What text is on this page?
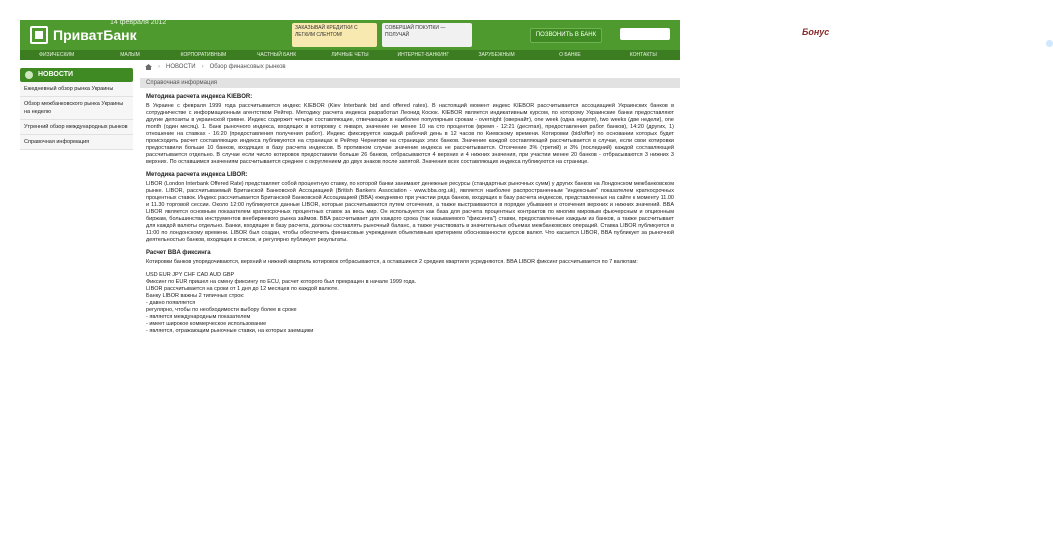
14 февраля 2012
ПриватБанк	ЗАКАЗЫВАЙ КРЕДИТКИ С ЛЕГКИМ СЛЕНТОМ!
СОВЕРШАЙ ПОКУПКИ — ПОЛУЧАЙ	Бонус
ПОЗВОНИТЬ В БАНК
ФИЗИЧЕСКИМ	МАЛЫМ	КОРПОРАТИВНЫМ	ЧАСТНЫЙ БАНК	ЛИЧНЫЕ ЧЕТЫ	ИНТЕРНЕТ-БАНКИНГ	ЗАРУБЕЖНЫМ	О БАНКЕ	КОНТАКТЫ
НОВОСТИ
Ежедневный обзор рынка Украины
Обзор межбанковского рынка Украины на неделю
Утренний обзор международных рынков
Справочная информация
› НОВОСТИ › Обзор финансовых рынков
Справочная информация
Методика расчета индекса KIEBOR:

В Украине с февраля 1999 года рассчитывается индекс KIEBOR (Kiev Interbank bid and offered rates). В настоящий момент индекс KIEBOR рассчитывается ассоциацией Украинских банков в сотрудничестве с информационным агентством Рейтер. Методику расчета индекса разработал Леонид Косюк. KIEBOR является индикативным курсом, по которому Украинские банки предоставляют другие депозиты в украинской гривне. Индекс содержит четыре составляющие, отвечающих в наиболее популярным срокам - overnight (овернайт), one week (одна неделя), two weeks (две недели), one month (один месяц). 1. Банк рыночного индекса, входящих в котировку с января, значение не менее 10 на сто процентов (время - 12:21 (десятая), предоставления работ банков), 14:20 (других, 1) отношение на ставках - 16:20 (предоставления получения работ). Индекс фиксируется каждый рабочий день в 12 часов по Киевскому времени. Котировки (bid/offer) по основании которых будет происходить расчет составляющих индекса публикуются на страницах в Рейтер Чернигове на страницах этих банков. Значение каждой составляющей рассчитывается в случае, если свои котировки предоставили больше 10 банков, входящих в базу расчета индексов. В противном случае значение индекса не рассчитывается. Отсечение 3% (третий) и 3% (последний) каждой составляющей рассчитывается отдельно. В случае если число котировок предоставили больше 26 банков, отбрасываются 4 верхних и 4 нижних значения, при участии менее 20 банков - отбрасываются 3 нижних 3 верхних. По оставшимся значениям рассчитывается среднее с округлением до двух знаков после запятой. Значения всех составляющих индекса публикуются на странице.

Методика расчета индекса LIBOR:

LIBOR (London Interbank Offered Rate) представляет собой процентную ставку, по которой банки занимают денежные ресурсы (стандартных рыночных сумм) у других банков на Лондонском межбанковском рынке. LIBOR, рассчитываемый Британской Банковской Ассоциацией (British Bankers Association - www.bba.org.uk), является наиболее распространенным "индексным" показателем краткосрочных процентных ставок. Индекс рассчитывается Британской Банковской Ассоциацией (BBA) ежедневно при участии ряда банков, входящих в базу расчета индексов, представленных на сайте к моменту 11.00 и 11.30 торговой сессии. Около 12:00 публикуются данные LIBOR, которые рассчитываются путем отсечения, а также выстраиваются в порядке убывания и отсечения верхних и нижних значений. BBA LIBOR является основным показателем краткосрочных процентных ставок за весь мир. Он используется как база для расчета процентных контрактов по многим мировым фьючерсным и опционным биржам, большинства инструментов внебиржевого рынка займов. BBA рассчитывает для каждого срока (так называемого "фиксинга") ставки, предоставленные каждым из банков, а также рассчитывает для каждой валюты отдельно. Банки, входящие в базу расчета, должны составлять рыночный баланс, а также участвовать в значительных объемах межбанковских операций. Ставка LIBOR публикуется в 11:00 по лондонскому времени. LIBOR был создан, чтобы обеспечить финансовые учреждения объективным критерием обоснованности курсов валют. Что касается LIBOR, BBA публикует за рыночной деятельностью банков, входящих в список, и регулярно публикует результаты.

Расчет BBA фиксинга

Котировки банков упорядочиваются, верхний и нижний квартиль котировок отбрасываются, а оставшиеся 2 средних квартиля усредняются. BBA LIBOR фиксинг рассчитывается по 7 валютам:

USD EUR JPY CHF CAD AUD GBP
Фиксинг по EUR пришел на смену фиксингу по ECU, расчет которого был прекращен в начале 1999 года.
LIBOR рассчитывается на сроки от 1 дня до 12 месяцев по каждой валюте.
Банку LIBOR важны 2 типичных строк:
- давно появляется
регулярно, чтобы по необходимости выбору более в сроке
- является международным показателем
- имеет широкое коммерческое использование
- является, отражающим рыночные ставки, на которых заемщики
